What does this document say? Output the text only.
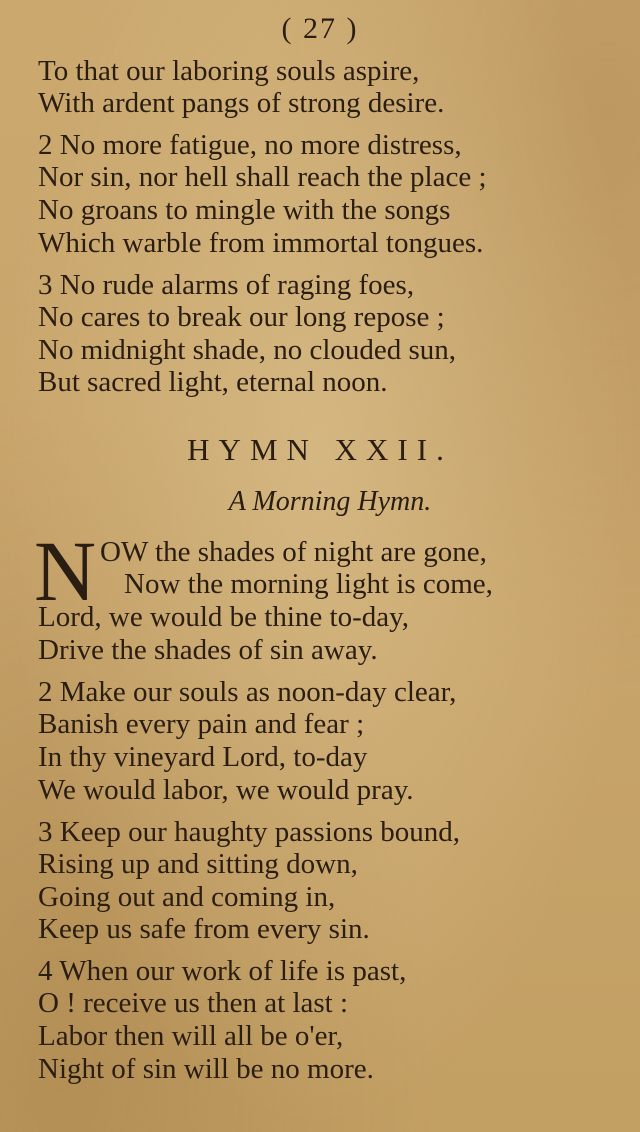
( 27 )
To that our laboring souls aspire,
With ardent pangs of strong desire.
2 No more fatigue, no more distress,
Nor sin, nor hell shall reach the place ;
No groans to mingle with the songs
Which warble from immortal tongues.
3 No rude alarms of raging foes,
No cares to break our long repose ;
No midnight shade, no clouded sun,
But sacred light, eternal noon.
HYMN XXII.
A Morning Hymn.
N OW the shades of night are gone,
Now the morning light is come,
Lord, we would be thine to-day,
Drive the shades of sin away.
2 Make our souls as noon-day clear,
Banish every pain and fear ;
In thy vineyard Lord, to-day
We would labor, we would pray.
3 Keep our haughty passions bound,
Rising up and sitting down,
Going out and coming in,
Keep us safe from every sin.
4 When our work of life is past,
O ! receive us then at last :
Labor then will all be o'er,
Night of sin will be no more.
